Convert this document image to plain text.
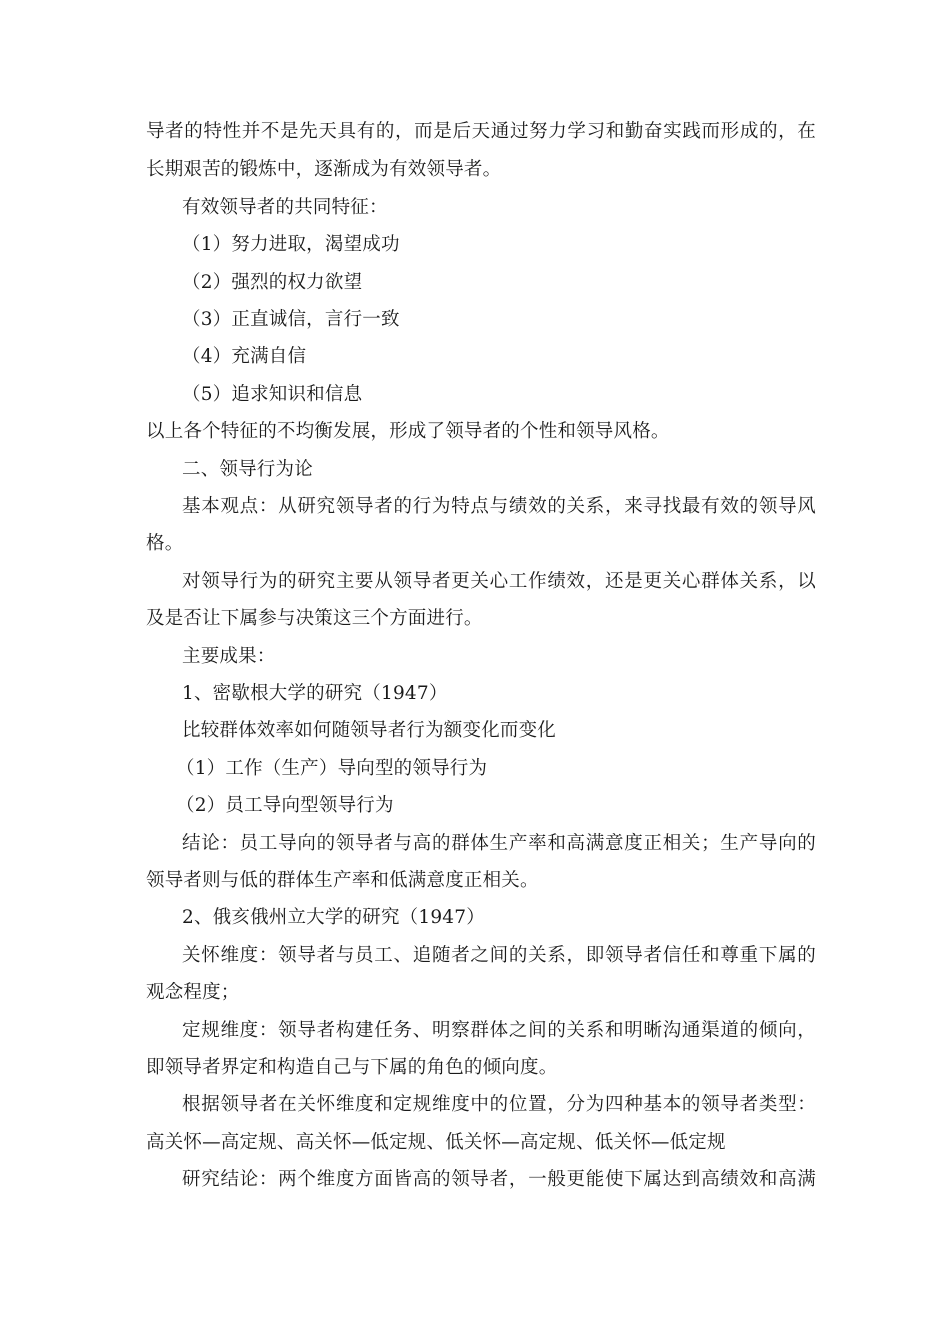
导者的特性并不是先天具有的，而是后天通过努力学习和勤奋实践而形成的，在
长期艰苦的锻炼中，逐渐成为有效领导者。
有效领导者的共同特征：
（1）努力进取，渴望成功
（2）强烈的权力欲望
（3）正直诚信，言行一致
（4）充满自信
（5）追求知识和信息
以上各个特征的不均衡发展，形成了领导者的个性和领导风格。
二、领导行为论
基本观点：从研究领导者的行为特点与绩效的关系，来寻找最有效的领导风
格。
对领导行为的研究主要从领导者更关心工作绩效，还是更关心群体关系，以
及是否让下属参与决策这三个方面进行。
主要成果：
1、密歇根大学的研究（1947）
比较群体效率如何随领导者行为额变化而变化
（1）工作（生产）导向型的领导行为
（2）员工导向型领导行为
结论：员工导向的领导者与高的群体生产率和高满意度正相关；生产导向的
领导者则与低的群体生产率和低满意度正相关。
2、俄亥俄州立大学的研究（1947）
关怀维度：领导者与员工、追随者之间的关系，即领导者信任和尊重下属的
观念程度；
定规维度：领导者构建任务、明察群体之间的关系和明晰沟通渠道的倾向，
即领导者界定和构造自己与下属的角色的倾向度。
根据领导者在关怀维度和定规维度中的位置，分为四种基本的领导者类型：
高关怀—高定规、高关怀—低定规、低关怀—高定规、低关怀—低定规
研究结论：两个维度方面皆高的领导者，一般更能使下属达到高绩效和高满
